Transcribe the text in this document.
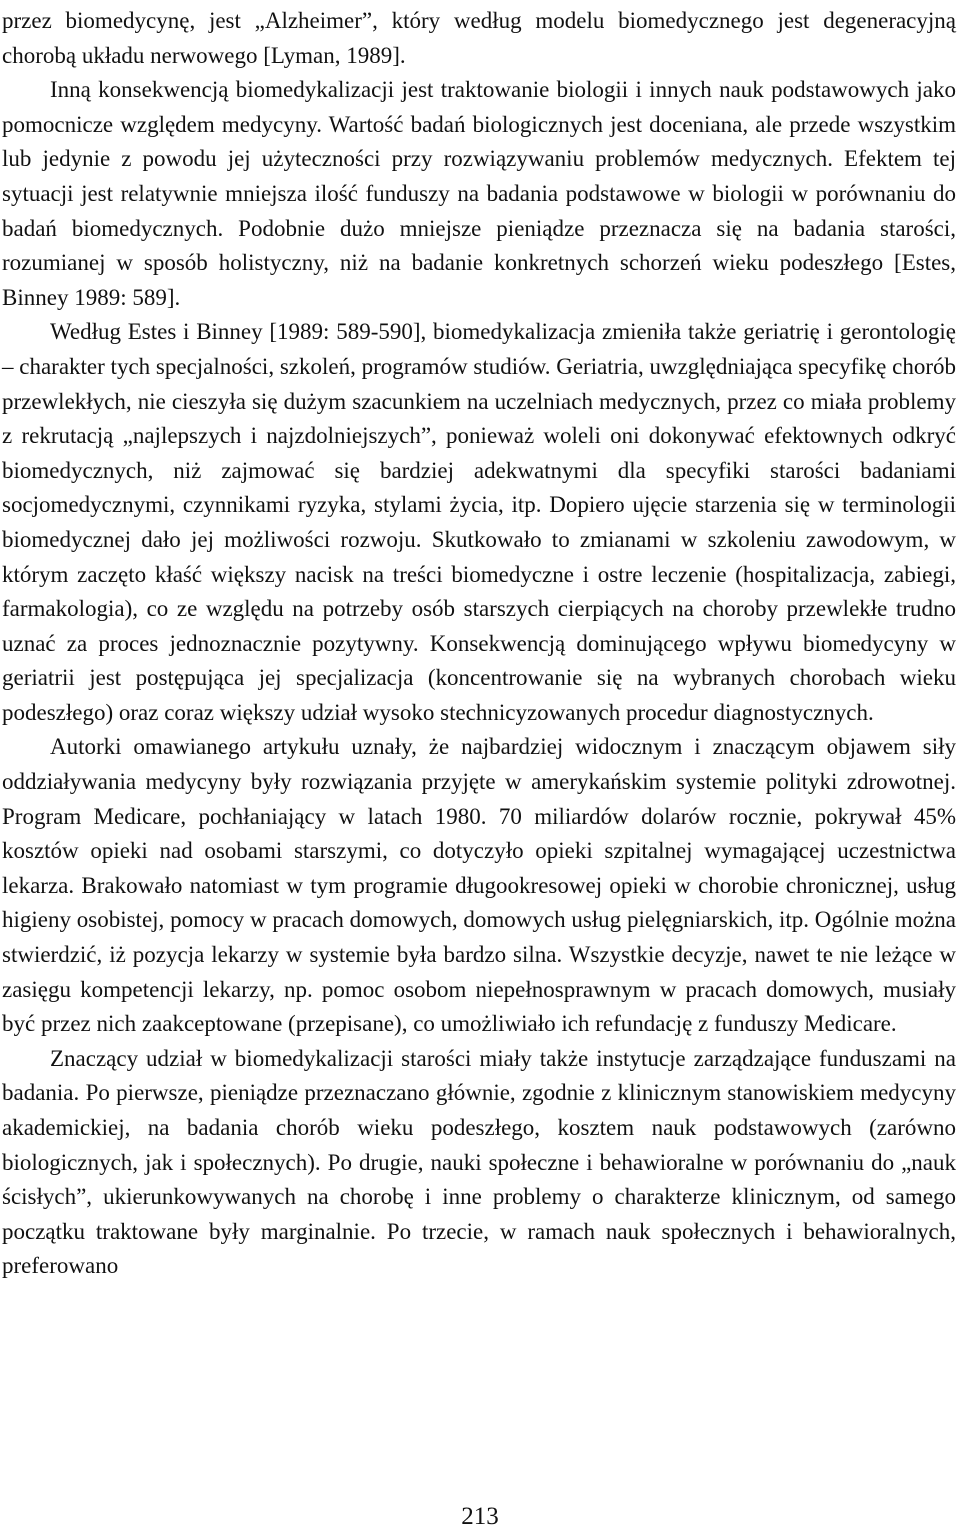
przez biomedycynę, jest „Alzheimer”, który według modelu biomedycznego jest degeneracyjną chorobą układu nerwowego [Lyman, 1989].

Inną konsekwencją biomedykalizacji jest traktowanie biologii i innych nauk podstawowych jako pomocnicze względem medycyny. Wartość badań biologicznych jest doceniana, ale przede wszystkim lub jedynie z powodu jej użyteczności przy rozwiązywaniu problemów medycznych. Efektem tej sytuacji jest relatywnie mniejsza ilość funduszy na badania podstawowe w biologii w porównaniu do badań biomedycznych. Podobnie dużo mniejsze pieniądze przeznacza się na badania starości, rozumianej w sposób holistyczny, niż na badanie konkretnych schorzeń wieku podeszłego [Estes, Binney 1989: 589].

Według Estes i Binney [1989: 589-590], biomedykalizacja zmieniła także geriatrię i gerontologię – charakter tych specjalności, szkoleń, programów studiów. Geriatria, uwzględniająca specyfikę chorób przewlekłych, nie cieszyła się dużym szacunkiem na uczelniach medycznych, przez co miała problemy z rekrutacją „najlepszych i najzdolniejszych”, ponieważ woleli oni dokonywać efektownych odkryć biomedycznych, niż zajmować się bardziej adekwatnymi dla specyfiki starości badaniami socjomedycznymi, czynnikami ryzyka, stylami życia, itp. Dopiero ujęcie starzenia się w terminologii biomedycznej dało jej możliwości rozwoju. Skutkowało to zmianami w szkoleniu zawodowym, w którym zaczęto kłaść większy nacisk na treści biomedyczne i ostre leczenie (hospitalizacja, zabiegi, farmakologia), co ze względu na potrzeby osób starszych cierpiących na choroby przewlekłe trudno uznać za proces jednoznacznie pozytywny. Konsekwencją dominującego wpływu biomedycyny w geriatrii jest postępująca jej specjalizacja (koncentrowanie się na wybranych chorobach wieku podeszłego) oraz coraz większy udział wysoko stechnicyzowanych procedur diagnostycznych.

Autorki omawianego artykułu uznały, że najbardziej widocznym i znaczącym objawem siły oddziaływania medycyny były rozwiązania przyjęte w amerykańskim systemie polityki zdrowotnej. Program Medicare, pochłaniający w latach 1980. 70 miliardów dolarów rocznie, pokrywał 45% kosztów opieki nad osobami starszymi, co dotyczyło opieki szpitalnej wymagającej uczestnictwa lekarza. Brakowało natomiast w tym programie długookresowej opieki w chorobie chronicznej, usług higieny osobistej, pomocy w pracach domowych, domowych usług pielęgniarskich, itp. Ogólnie można stwierdzić, iż pozycja lekarzy w systemie była bardzo silna. Wszystkie decyzje, nawet te nie leżące w zasięgu kompetencji lekarzy, np. pomoc osobom niepełnosprawnym w pracach domowych, musiały być przez nich zaakceptowane (przepisane), co umożliwiało ich refundację z funduszy Medicare.

Znaczący udział w biomedykalizacji starości miały także instytucje zarządzające funduszami na badania. Po pierwsze, pieniądze przeznaczano głównie, zgodnie z klinicznym stanowiskiem medycyny akademickiej, na badania chorób wieku podeszłego, kosztem nauk podstawowych (zarówno biologicznych, jak i społecznych). Po drugie, nauki społeczne i behawioralne w porównaniu do „nauk ścisłych”, ukierunkowywanych na chorobę i inne problemy o charakterze klinicznym, od samego początku traktowane były marginalnie. Po trzecie, w ramach nauk społecznych i behawioralnych, preferowano

213
